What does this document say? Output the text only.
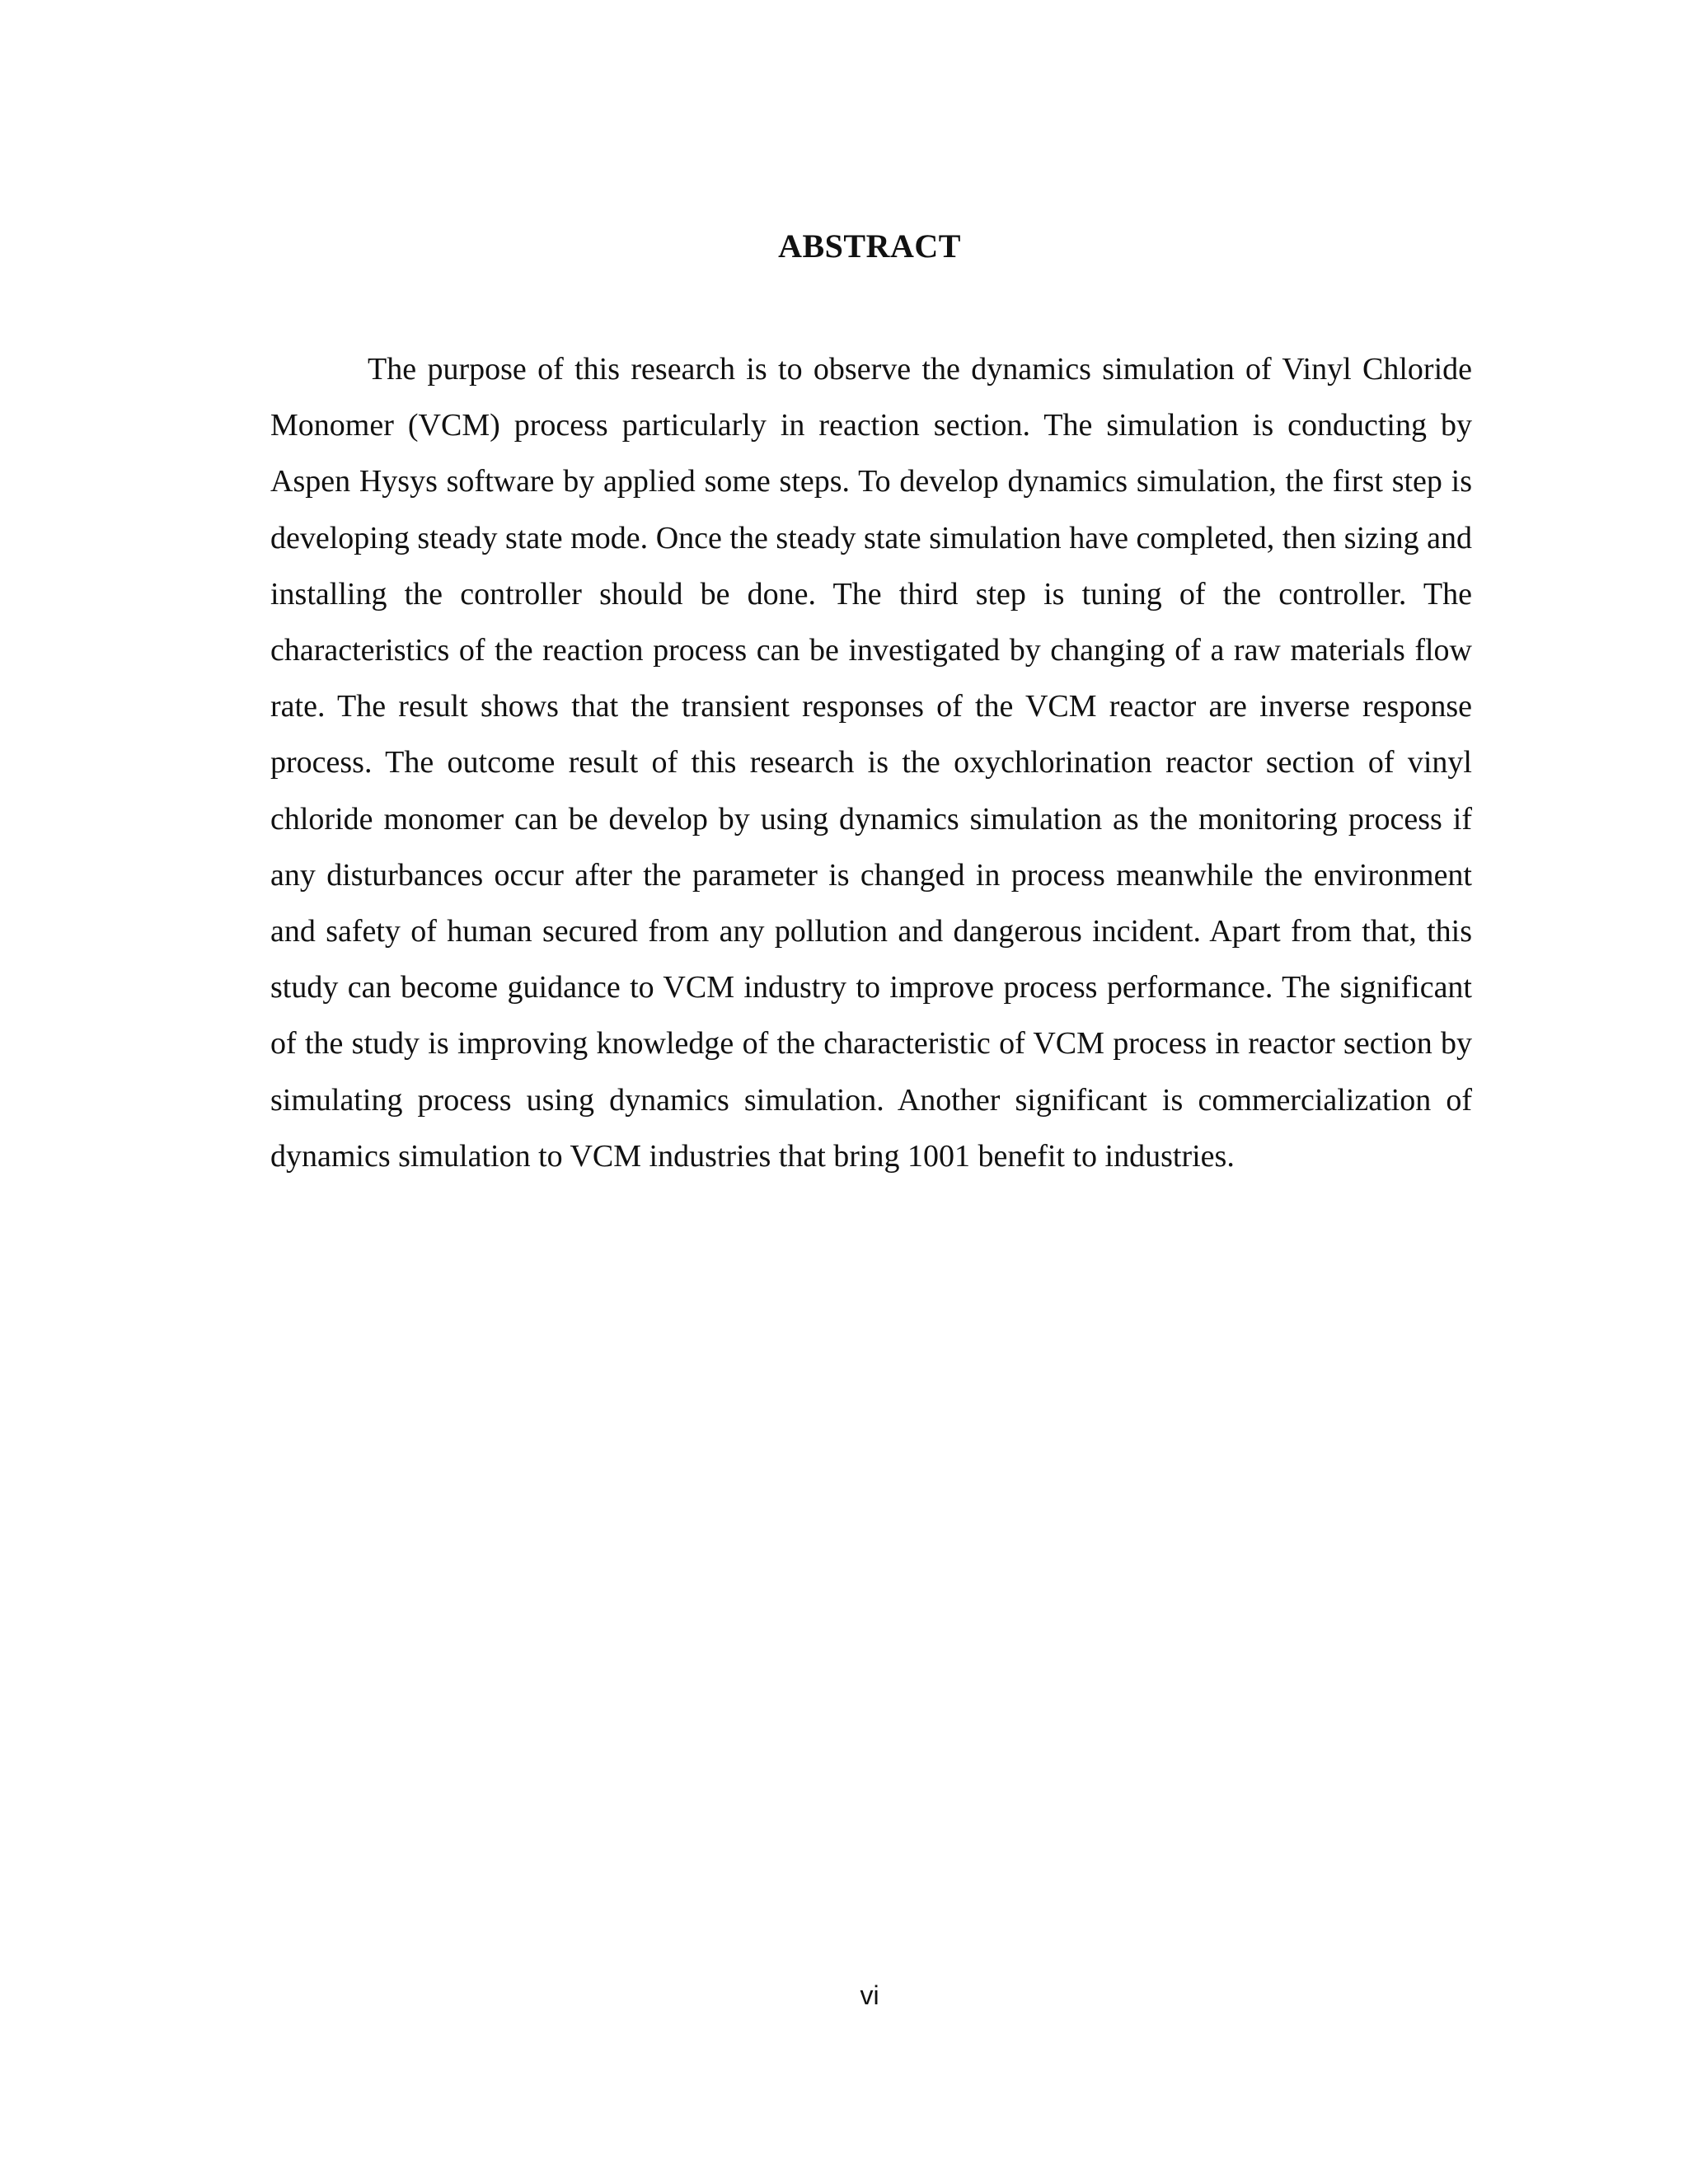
ABSTRACT

The purpose of this research is to observe the dynamics simulation of Vinyl Chloride Monomer (VCM) process particularly in reaction section. The simulation is conducting by Aspen Hysys software by applied some steps. To develop dynamics simulation, the first step is developing steady state mode. Once the steady state simulation have completed, then sizing and installing the controller should be done. The third step is tuning of the controller. The characteristics of the reaction process can be investigated by changing of a raw materials flow rate. The result shows that the transient responses of the VCM reactor are inverse response process. The outcome result of this research is the oxychlorination reactor section of vinyl chloride monomer can be develop by using dynamics simulation as the monitoring process if any disturbances occur after the parameter is changed in process meanwhile the environment and safety of human secured from any pollution and dangerous incident. Apart from that, this study can become guidance to VCM industry to improve process performance. The significant of the study is improving knowledge of the characteristic of VCM process in reactor section by simulating process using dynamics simulation. Another significant is commercialization of dynamics simulation to VCM industries that bring 1001 benefit to industries.

vi
